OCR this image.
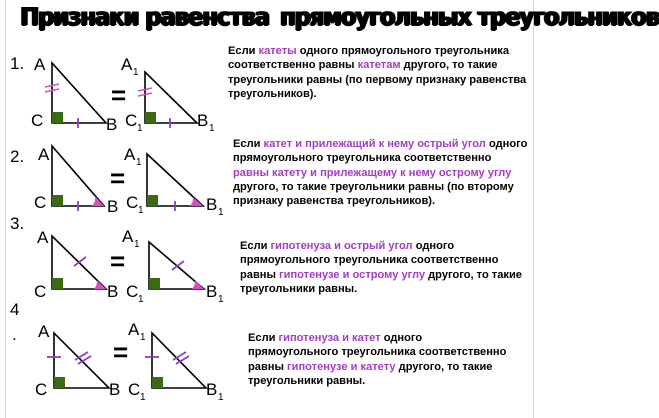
Признаки равенства прямоугольных треугольников
1. A
C	B
=
A 1
C 1	B 1
Если катеты одного прямоугольного треугольника соответственно равны катетам другого, то такие треугольники равны (по первому признаку равенства треугольников).
2. A
C	B
=
A 1
C 1	B 1
Если катет и прилежащий к нему острый угол одного прямоугольного треугольника соответственно равны катету и прилежащему к нему острому углу другого, то такие треугольники равны (по второму признаку равенства треугольников).
3.
A
C	B
=
A 1
C 1	B 1
Если гипотенуза и острый угол одного прямоугольного треугольника соответственно равны гипотенузе и острому углу другого, то такие треугольники равны.
4
. A
C	B
=
A 1
C 1	B 1
Если гипотенуза и катет одного прямоугольного треугольника соответственно равны гипотенузе и катету другого, то такие треугольники равны.
